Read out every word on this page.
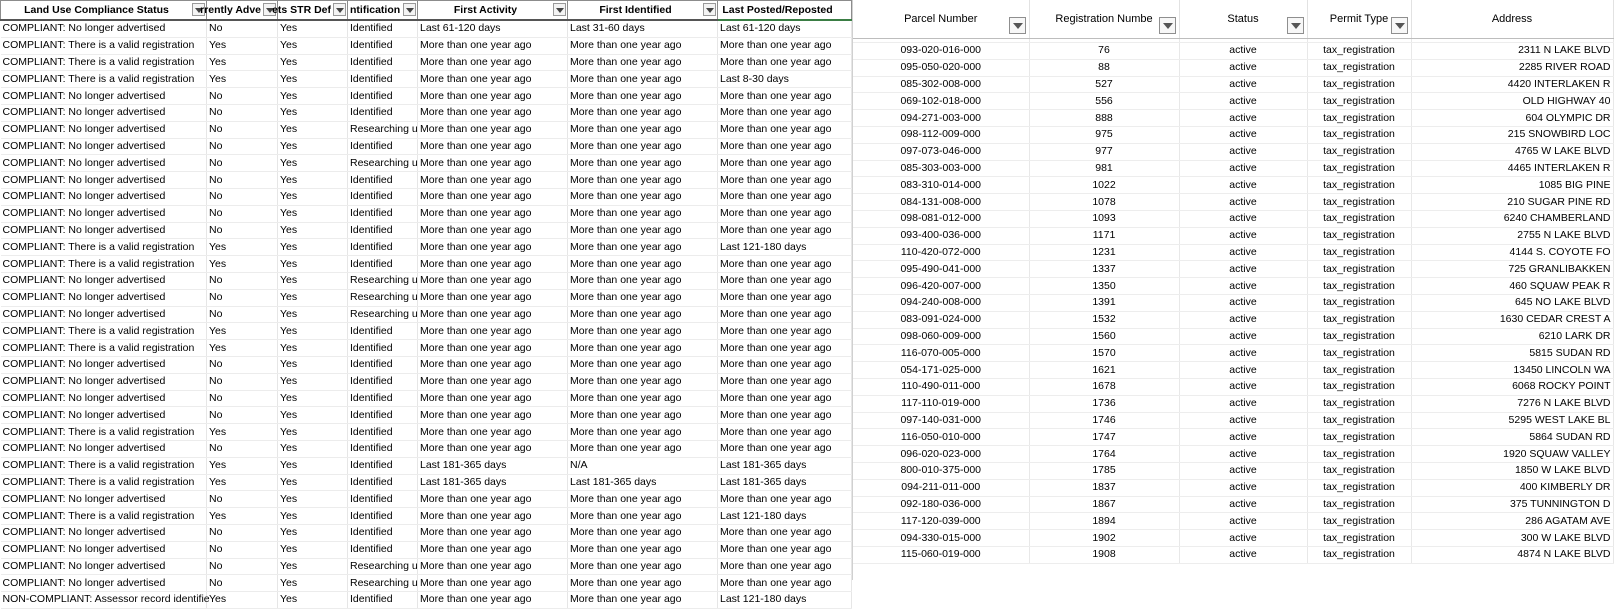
Land Use Compliance Status	rrently Adve	ets STR Def	ntification	First Activity	First Identified	Last Posted/Reposted

COMPLIANT: No longer advertised	No	Yes	Identified	Last 61-120 days	Last 31-60 days	Last 61-120 days
COMPLIANT: There is a valid registration	Yes	Yes	Identified	More than one year ago	More than one year ago	More than one year ago
COMPLIANT: There is a valid registration	Yes	Yes	Identified	More than one year ago	More than one year ago	More than one year ago
COMPLIANT: There is a valid registration	Yes	Yes	Identified	More than one year ago	More than one year ago	Last 8-30 days
COMPLIANT: No longer advertised	No	Yes	Identified	More than one year ago	More than one year ago	More than one year ago
COMPLIANT: No longer advertised	No	Yes	Identified	More than one year ago	More than one year ago	More than one year ago
COMPLIANT: No longer advertised	No	Yes	Researching u	More than one year ago	More than one year ago	More than one year ago
COMPLIANT: No longer advertised	No	Yes	Identified	More than one year ago	More than one year ago	More than one year ago
COMPLIANT: No longer advertised	No	Yes	Researching u	More than one year ago	More than one year ago	More than one year ago
COMPLIANT: No longer advertised	No	Yes	Identified	More than one year ago	More than one year ago	More than one year ago
COMPLIANT: No longer advertised	No	Yes	Identified	More than one year ago	More than one year ago	More than one year ago
COMPLIANT: No longer advertised	No	Yes	Identified	More than one year ago	More than one year ago	More than one year ago
COMPLIANT: No longer advertised	No	Yes	Identified	More than one year ago	More than one year ago	More than one year ago
COMPLIANT: There is a valid registration	Yes	Yes	Identified	More than one year ago	More than one year ago	Last 121-180 days
COMPLIANT: There is a valid registration	Yes	Yes	Identified	More than one year ago	More than one year ago	More than one year ago
COMPLIANT: No longer advertised	No	Yes	Researching u	More than one year ago	More than one year ago	More than one year ago
COMPLIANT: No longer advertised	No	Yes	Researching u	More than one year ago	More than one year ago	More than one year ago
COMPLIANT: No longer advertised	No	Yes	Researching u	More than one year ago	More than one year ago	More than one year ago
COMPLIANT: There is a valid registration	Yes	Yes	Identified	More than one year ago	More than one year ago	More than one year ago
COMPLIANT: There is a valid registration	Yes	Yes	Identified	More than one year ago	More than one year ago	More than one year ago
COMPLIANT: No longer advertised	No	Yes	Identified	More than one year ago	More than one year ago	More than one year ago
COMPLIANT: No longer advertised	No	Yes	Identified	More than one year ago	More than one year ago	More than one year ago
COMPLIANT: No longer advertised	No	Yes	Identified	More than one year ago	More than one year ago	More than one year ago
COMPLIANT: No longer advertised	No	Yes	Identified	More than one year ago	More than one year ago	More than one year ago
COMPLIANT: There is a valid registration	Yes	Yes	Identified	More than one year ago	More than one year ago	More than one year ago
COMPLIANT: No longer advertised	No	Yes	Identified	More than one year ago	More than one year ago	More than one year ago
COMPLIANT: There is a valid registration	Yes	Yes	Identified	Last 181-365 days	N/A	Last 181-365 days
COMPLIANT: There is a valid registration	Yes	Yes	Identified	Last 181-365 days	Last 181-365 days	Last 181-365 days
COMPLIANT: No longer advertised	No	Yes	Identified	More than one year ago	More than one year ago	More than one year ago
COMPLIANT: There is a valid registration	Yes	Yes	Identified	More than one year ago	More than one year ago	Last 121-180 days
COMPLIANT: No longer advertised	No	Yes	Identified	More than one year ago	More than one year ago	More than one year ago
COMPLIANT: No longer advertised	No	Yes	Identified	More than one year ago	More than one year ago	More than one year ago
COMPLIANT: No longer advertised	No	Yes	Researching u	More than one year ago	More than one year ago	More than one year ago
COMPLIANT: No longer advertised	No	Yes	Researching u	More than one year ago	More than one year ago	More than one year ago
NON-COMPLIANT: Assessor record identifie	Yes	Yes	Identified	More than one year ago	More than one year ago	Last 121-180 days
Parcel Number	Registration Numbe	Status	Permit Type	Address

093-020-016-000	76	active	tax_registration	2311 N LAKE BLVD
095-050-020-000	88	active	tax_registration	2285 RIVER ROAD
085-302-008-000	527	active	tax_registration	4420 INTERLAKEN R
069-102-018-000	556	active	tax_registration	OLD HIGHWAY 40
094-271-003-000	888	active	tax_registration	604 OLYMPIC DR
098-112-009-000	975	active	tax_registration	215 SNOWBIRD LOC
097-073-046-000	977	active	tax_registration	4765 W LAKE BLVD
085-303-003-000	981	active	tax_registration	4465 INTERLAKEN R
083-310-014-000	1022	active	tax_registration	1085 BIG PINE
084-131-008-000	1078	active	tax_registration	210 SUGAR PINE RD
098-081-012-000	1093	active	tax_registration	6240 CHAMBERLAND
093-400-036-000	1171	active	tax_registration	2755 N LAKE BLVD
110-420-072-000	1231	active	tax_registration	4144 S. COYOTE FO
095-490-041-000	1337	active	tax_registration	725 GRANLIBAKKEN
096-420-007-000	1350	active	tax_registration	460 SQUAW PEAK R
094-240-008-000	1391	active	tax_registration	645 NO LAKE BLVD
083-091-024-000	1532	active	tax_registration	1630 CEDAR CREST A
098-060-009-000	1560	active	tax_registration	6210 LARK DR
116-070-005-000	1570	active	tax_registration	5815 SUDAN RD
054-171-025-000	1621	active	tax_registration	13450 LINCOLN WA
110-490-011-000	1678	active	tax_registration	6068 ROCKY POINT
117-110-019-000	1736	active	tax_registration	7276 N LAKE BLVD
097-140-031-000	1746	active	tax_registration	5295 WEST LAKE BL
116-050-010-000	1747	active	tax_registration	5864 SUDAN RD
096-020-023-000	1764	active	tax_registration	1920 SQUAW VALLEY
800-010-375-000	1785	active	tax_registration	1850 W LAKE BLVD
094-211-011-000	1837	active	tax_registration	400 KIMBERLY DR
092-180-036-000	1867	active	tax_registration	375 TUNNINGTON D
117-120-039-000	1894	active	tax_registration	286 AGATAM AVE
094-330-015-000	1902	active	tax_registration	300 W LAKE BLVD
115-060-019-000	1908	active	tax_registration	4874 N LAKE BLVD
